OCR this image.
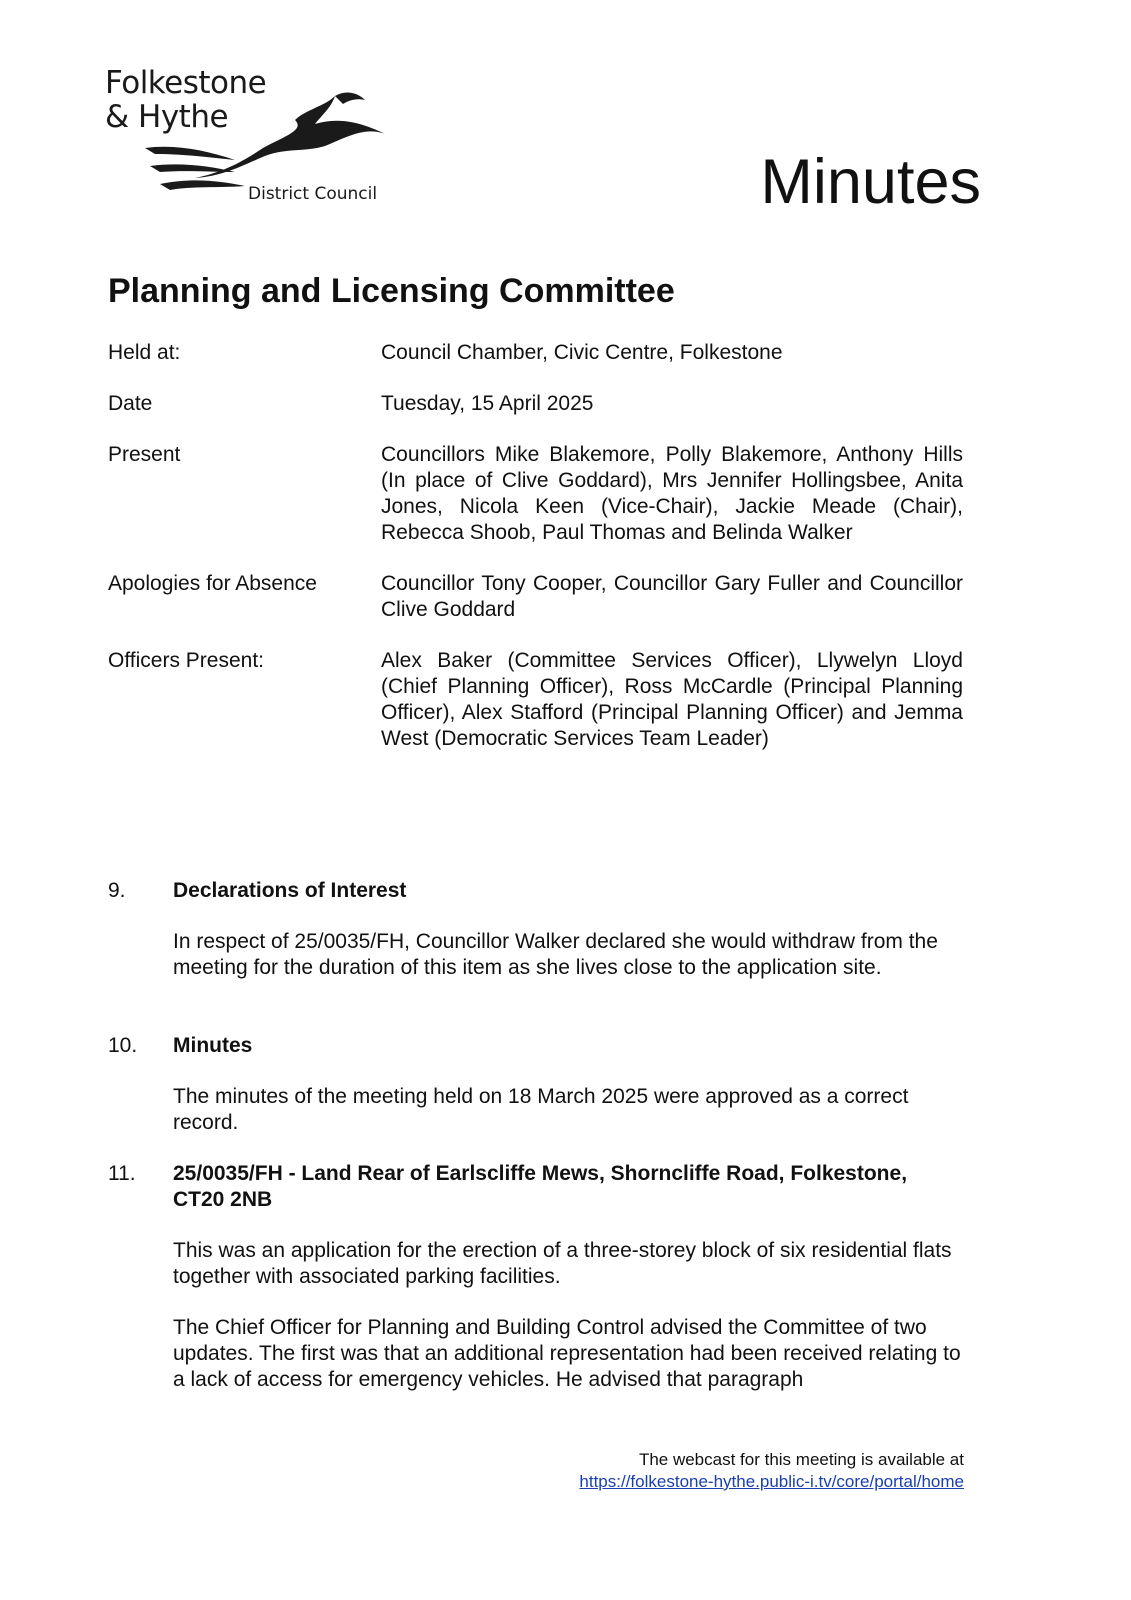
Folkestone
& Hythe
District Council	Minutes
Planning and Licensing Committee
Held at:	Council Chamber, Civic Centre, Folkestone
Date	Tuesday, 15 April 2025
Present	Councillors Mike Blakemore, Polly Blakemore, Anthony Hills (In place of Clive Goddard), Mrs Jennifer Hollingsbee, Anita Jones, Nicola Keen (Vice-Chair), Jackie Meade (Chair), Rebecca Shoob, Paul Thomas and Belinda Walker
Apologies for Absence	Councillor Tony Cooper, Councillor Gary Fuller and Councillor Clive Goddard
Officers Present:	Alex Baker (Committee Services Officer), Llywelyn Lloyd (Chief Planning Officer), Ross McCardle (Principal Planning Officer), Alex Stafford (Principal Planning Officer) and Jemma West (Democratic Services Team Leader)
9.	Declarations of Interest
In respect of 25/0035/FH, Councillor Walker declared she would withdraw from the meeting for the duration of this item as she lives close to the application site.
10.	Minutes
The minutes of the meeting held on 18 March 2025 were approved as a correct record.
11.	25/0035/FH - Land Rear of Earlscliffe Mews, Shorncliffe Road, Folkestone, CT20 2NB
This was an application for the erection of a three-storey block of six residential flats together with associated parking facilities.
The Chief Officer for Planning and Building Control advised the Committee of two updates. The first was that an additional representation had been received relating to a lack of access for emergency vehicles. He advised that paragraph
The webcast for this meeting is available at
https://folkestone-hythe.public-i.tv/core/portal/home
